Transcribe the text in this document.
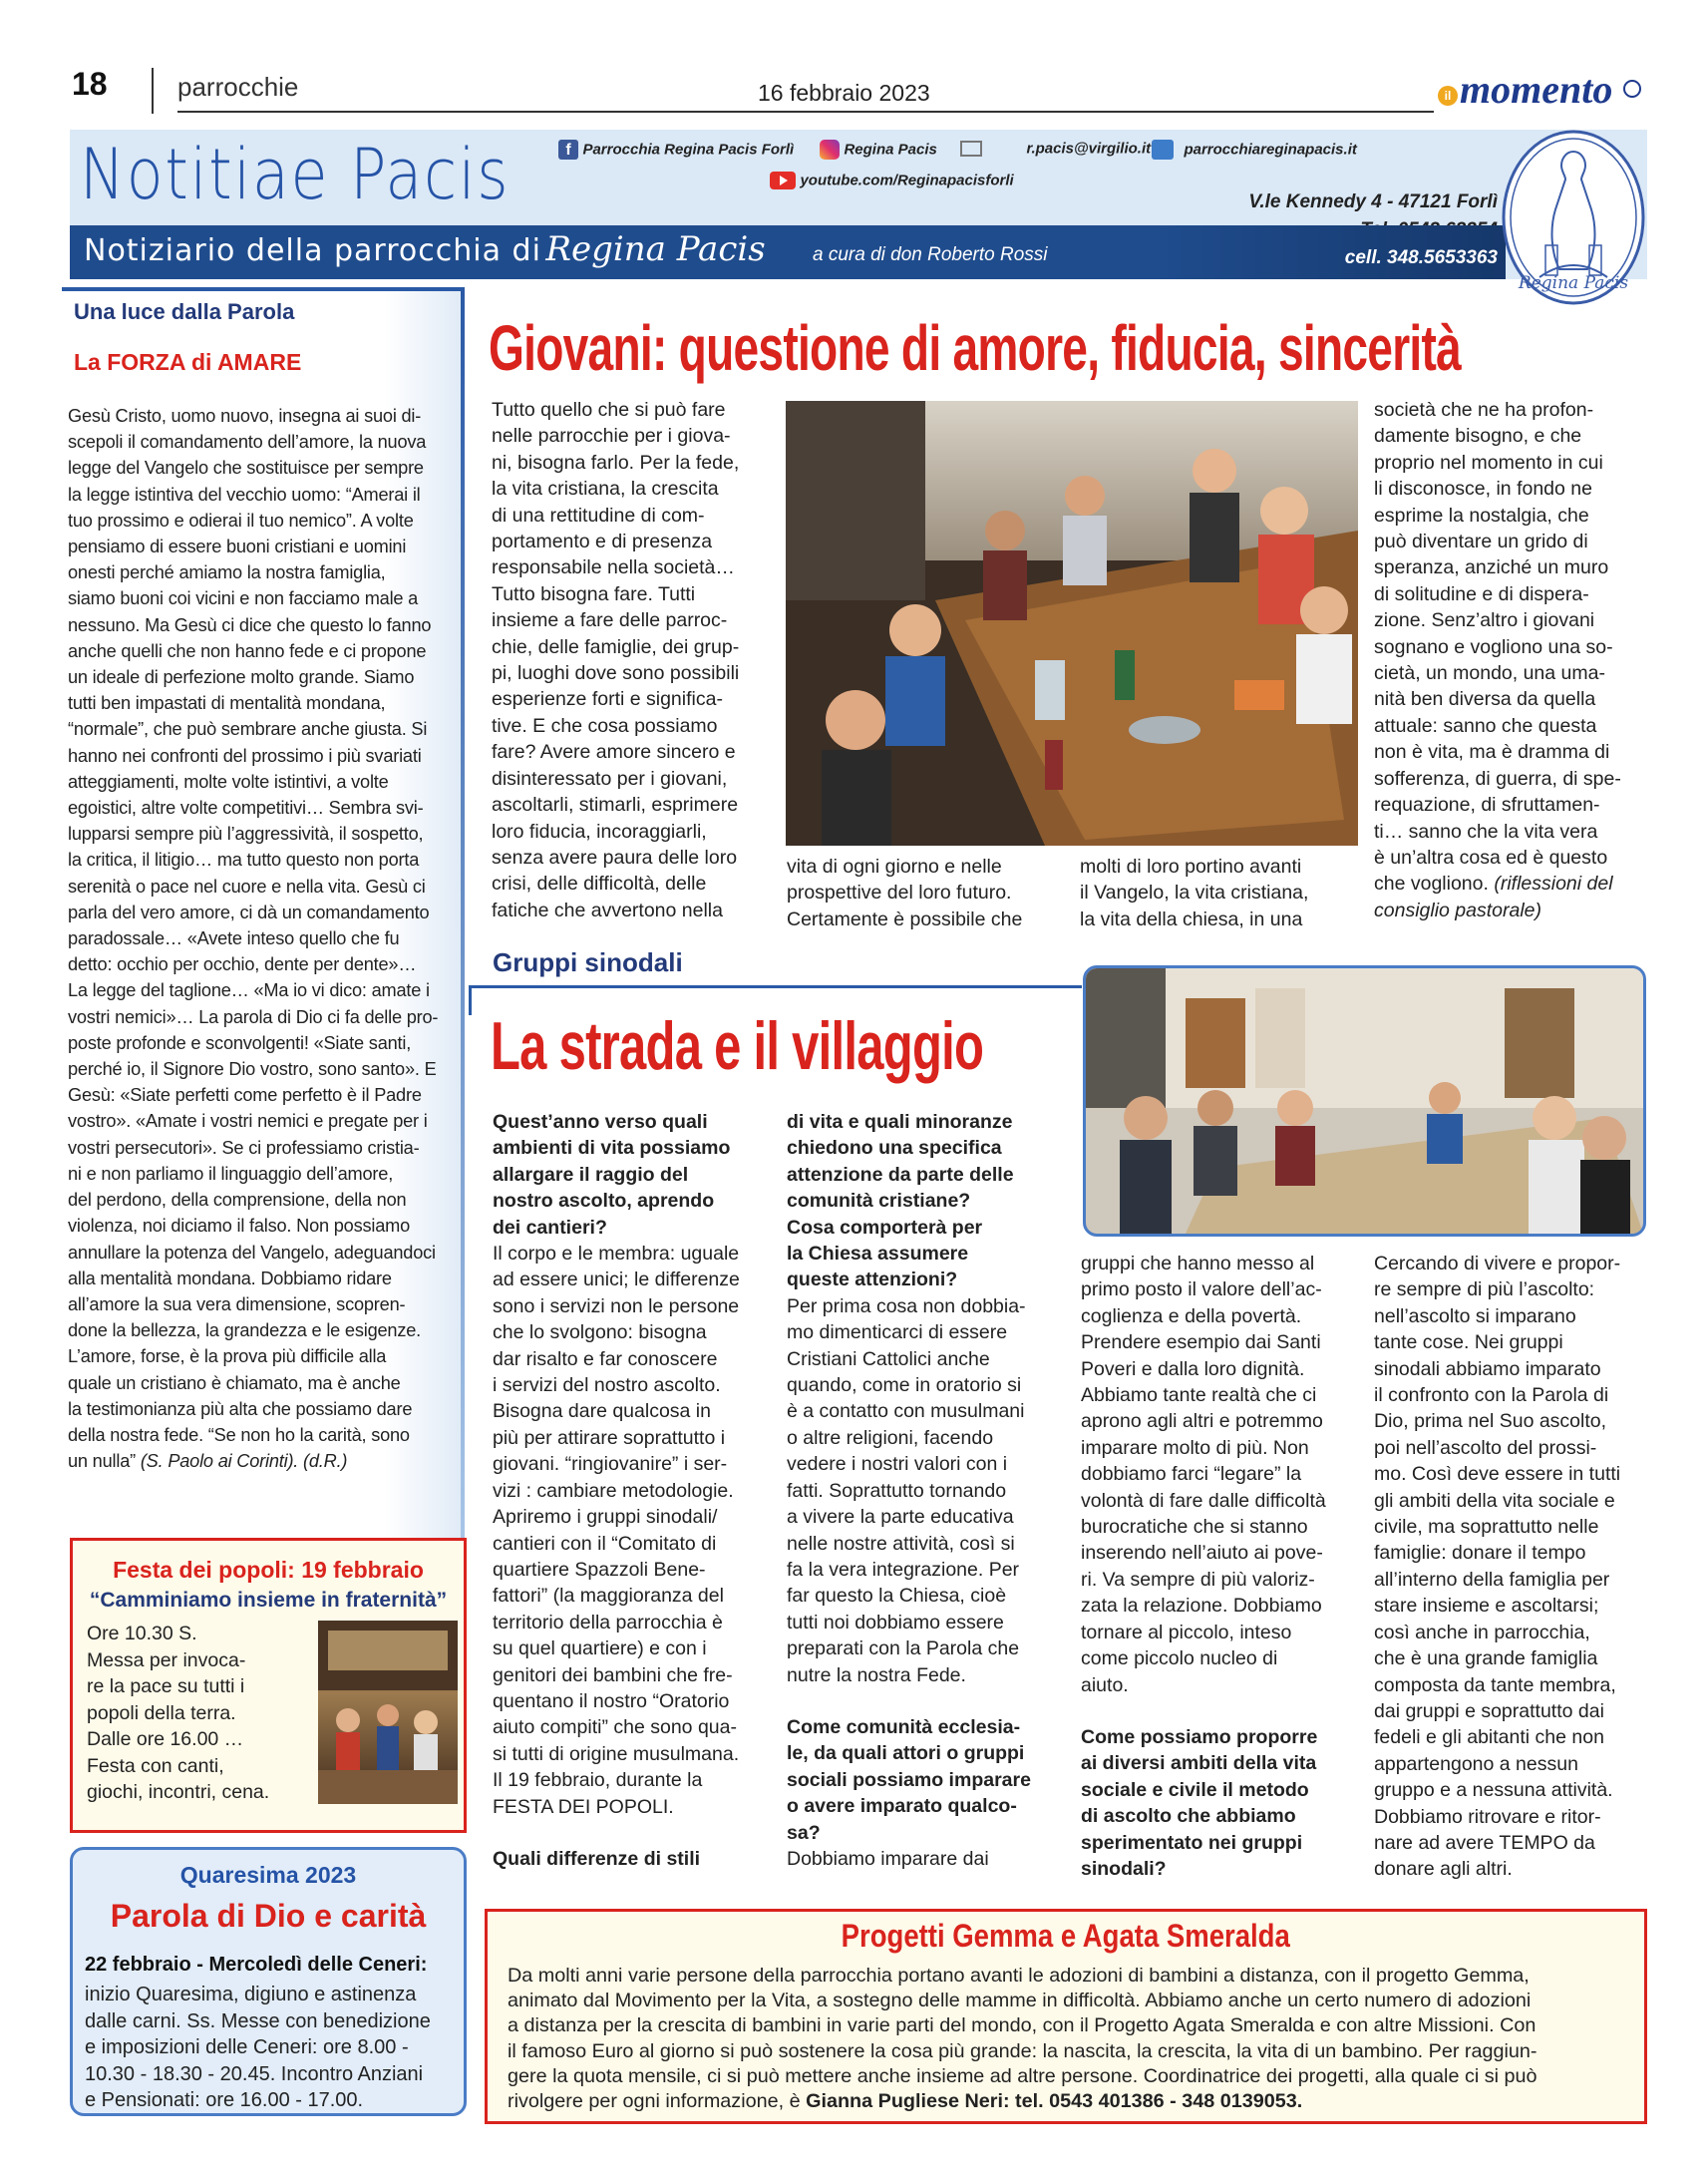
18	parrocchie	16 febbraio 2023	il momento
Notitiae Pacis	f Parrocchia Regina Pacis Forlì	Regina Pacis	r.pacis@virgilio.it	parrocchiareginapacis.it
youtube.com/Reginapacisforli
V.le Kennedy 4 - 47121 Forlì
cell. 348.5653363
Notiziario della parrocchia di Regina Pacis a cura di don Roberto Rossi
Regina Pacis
Una luce dalla Parola
La FORZA di AMARE
Gesù Cristo, uomo nuovo, insegna ai suoi di-
scepoli il comandamento dell’amore, la nuova
legge del Vangelo che sostituisce per sempre
la legge istintiva del vecchio uomo: “Amerai il
tuo prossimo e odierai il tuo nemico”. A volte
pensiamo di essere buoni cristiani e uomini
onesti perché amiamo la nostra famiglia,
siamo buoni coi vicini e non facciamo male a
nessuno. Ma Gesù ci dice che questo lo fanno
anche quelli che non hanno fede e ci propone
un ideale di perfezione molto grande. Siamo
tutti ben impastati di mentalità mondana,
“normale”, che può sembrare anche giusta. Si
hanno nei confronti del prossimo i più svariati
atteggiamenti, molte volte istintivi, a volte
egoistici, altre volte competitivi… Sembra svi-
lupparsi sempre più l’aggressività, il sospetto,
la critica, il litigio… ma tutto questo non porta
serenità o pace nel cuore e nella vita. Gesù ci
parla del vero amore, ci dà un comandamento
paradossale… «Avete inteso quello che fu
detto: occhio per occhio, dente per dente»…
La legge del taglione… «Ma io vi dico: amate i
vostri nemici»… La parola di Dio ci fa delle pro-
poste profonde e sconvolgenti! «Siate santi,
perché io, il Signore Dio vostro, sono santo». E
Gesù: «Siate perfetti come perfetto è il Padre
vostro». «Amate i vostri nemici e pregate per i
vostri persecutori». Se ci professiamo cristia-
ni e non parliamo il linguaggio dell’amore,
del perdono, della comprensione, della non
violenza, noi diciamo il falso. Non possiamo
annullare la potenza del Vangelo, adeguandoci
alla mentalità mondana. Dobbiamo ridare
all’amore la sua vera dimensione, scopren-
done la bellezza, la grandezza e le esigenze.
L’amore, forse, è la prova più difficile alla
quale un cristiano è chiamato, ma è anche
la testimonianza più alta che possiamo dare
della nostra fede. “Se non ho la carità, sono
un nulla” (S. Paolo ai Corinti). (d.R.)
Festa dei popoli: 19 febbraio
“Camminiamo insieme in fraternità”
Ore 10.30 S.
Messa per invoca-
re la pace su tutti i
popoli della terra.
Dalle ore 16.00 …
Festa con canti,
giochi, incontri, cena.
Quaresima 2023
Parola di Dio e carità
22 febbraio - Mercoledì delle Ceneri:
inizio Quaresima, digiuno e astinenza
dalle carni. Ss. Messe con benedizione
e imposizioni delle Ceneri: ore 8.00 -
10.30 - 18.30 - 20.45. Incontro Anziani
e Pensionati: ore 16.00 - 17.00.
Giovani: questione di amore, fiducia, sincerità
Tutto quello che si può fare
nelle parrocchie per i giova-
ni, bisogna farlo. Per la fede,
la vita cristiana, la crescita
di una rettitudine di com-
portamento e di presenza
responsabile nella società…
Tutto bisogna fare. Tutti
insieme a fare delle parroc-
chie, delle famiglie, dei grup-
pi, luoghi dove sono possibili
esperienze forti e significa-
tive. E che cosa possiamo
fare? Avere amore sincero e
disinteressato per i giovani,
ascoltarli, stimarli, esprimere
loro fiducia, incoraggiarli,
senza avere paura delle loro
crisi, delle difficoltà, delle
fatiche che avvertono nella
vita di ogni giorno e nelle
prospettive del loro futuro.
Certamente è possibile che
molti di loro portino avanti
il Vangelo, la vita cristiana,
la vita della chiesa, in una
società che ne ha profon-
damente bisogno, e che
proprio nel momento in cui
li disconosce, in fondo ne
esprime la nostalgia, che
può diventare un grido di
speranza, anziché un muro
di solitudine e di dispera-
zione. Senz’altro i giovani
sognano e vogliono una so-
cietà, un mondo, una uma-
nità ben diversa da quella
attuale: sanno che questa
non è vita, ma è dramma di
sofferenza, di guerra, di spe-
requazione, di sfruttamen-
ti… sanno che la vita vera
è un’altra cosa ed è questo
che vogliono. (riflessioni del
consiglio pastorale)
Gruppi sinodali
La strada e il villaggio
Quest’anno verso quali
ambienti di vita possiamo
allargare il raggio del
nostro ascolto, aprendo
dei cantieri?
Il corpo e le membra: uguale
ad essere unici; le differenze
sono i servizi non le persone
che lo svolgono: bisogna
dar risalto e far conoscere
i servizi del nostro ascolto.
Bisogna dare qualcosa in
più per attirare soprattutto i
giovani. “ringiovanire” i ser-
vizi : cambiare metodologie.
Apriremo i gruppi sinodali/
cantieri con il “Comitato di
quartiere Spazzoli Bene-
fattori” (la maggioranza del
territorio della parrocchia è
su quel quartiere) e con i
genitori dei bambini che fre-
quentano il nostro “Oratorio
aiuto compiti” che sono qua-
si tutti di origine musulmana.
Il 19 febbraio, durante la
FESTA DEI POPOLI.
Quali differenze di stili
di vita e quali minoranze
chiedono una specifica
attenzione da parte delle
comunità cristiane?
Cosa comporterà per
la Chiesa assumere
queste attenzioni?
Per prima cosa non dobbia-
mo dimenticarci di essere
Cristiani Cattolici anche
quando, come in oratorio si
è a contatto con musulmani
o altre religioni, facendo
vedere i nostri valori con i
fatti. Soprattutto tornando
a vivere la parte educativa
nelle nostre attività, così si
fa la vera integrazione. Per
far questo la Chiesa, cioè
tutti noi dobbiamo essere
preparati con la Parola che
nutre la nostra Fede.
Come comunità ecclesia-
le, da quali attori o gruppi
sociali possiamo imparare
o avere imparato qualco-
sa?
Dobbiamo imparare dai
gruppi che hanno messo al
primo posto il valore dell’ac-
coglienza e della povertà.
Prendere esempio dai Santi
Poveri e dalla loro dignità.
Abbiamo tante realtà che ci
aprono agli altri e potremmo
imparare molto di più. Non
dobbiamo farci “legare” la
volontà di fare dalle difficoltà
burocratiche che si stanno
inserendo nell’aiuto ai pove-
ri. Va sempre di più valoriz-
zata la relazione. Dobbiamo
tornare al piccolo, inteso
come piccolo nucleo di
aiuto.
Come possiamo proporre
ai diversi ambiti della vita
sociale e civile il metodo
di ascolto che abbiamo
sperimentato nei gruppi
sinodali?
Cercando di vivere e propor-
re sempre di più l’ascolto:
nell’ascolto si imparano
tante cose. Nei gruppi
sinodali abbiamo imparato
il confronto con la Parola di
Dio, prima nel Suo ascolto,
poi nell’ascolto del prossi-
mo. Così deve essere in tutti
gli ambiti della vita sociale e
civile, ma soprattutto nelle
famiglie: donare il tempo
all’interno della famiglia per
stare insieme e ascoltarsi;
così anche in parrocchia,
che è una grande famiglia
composta da tante membra,
dai gruppi e soprattutto dai
fedeli e gli abitanti che non
appartengono a nessun
gruppo e a nessuna attività.
Dobbiamo ritrovare e ritor-
nare ad avere TEMPO da
donare agli altri.
Progetti Gemma e Agata Smeralda
Da molti anni varie persone della parrocchia portano avanti le adozioni di bambini a distanza, con il progetto Gemma,
animato dal Movimento per la Vita, a sostegno delle mamme in difficoltà. Abbiamo anche un certo numero di adozioni
a distanza per la crescita di bambini in varie parti del mondo, con il Progetto Agata Smeralda e con altre Missioni. Con
il famoso Euro al giorno si può sostenere la cosa più grande: la nascita, la crescita, la vita di un bambino. Per raggiun-
gere la quota mensile, ci si può mettere anche insieme ad altre persone. Coordinatrice dei progetti, alla quale ci si può
rivolgere per ogni informazione, è Gianna Pugliese Neri: tel. 0543 401386 - 348 0139053.
